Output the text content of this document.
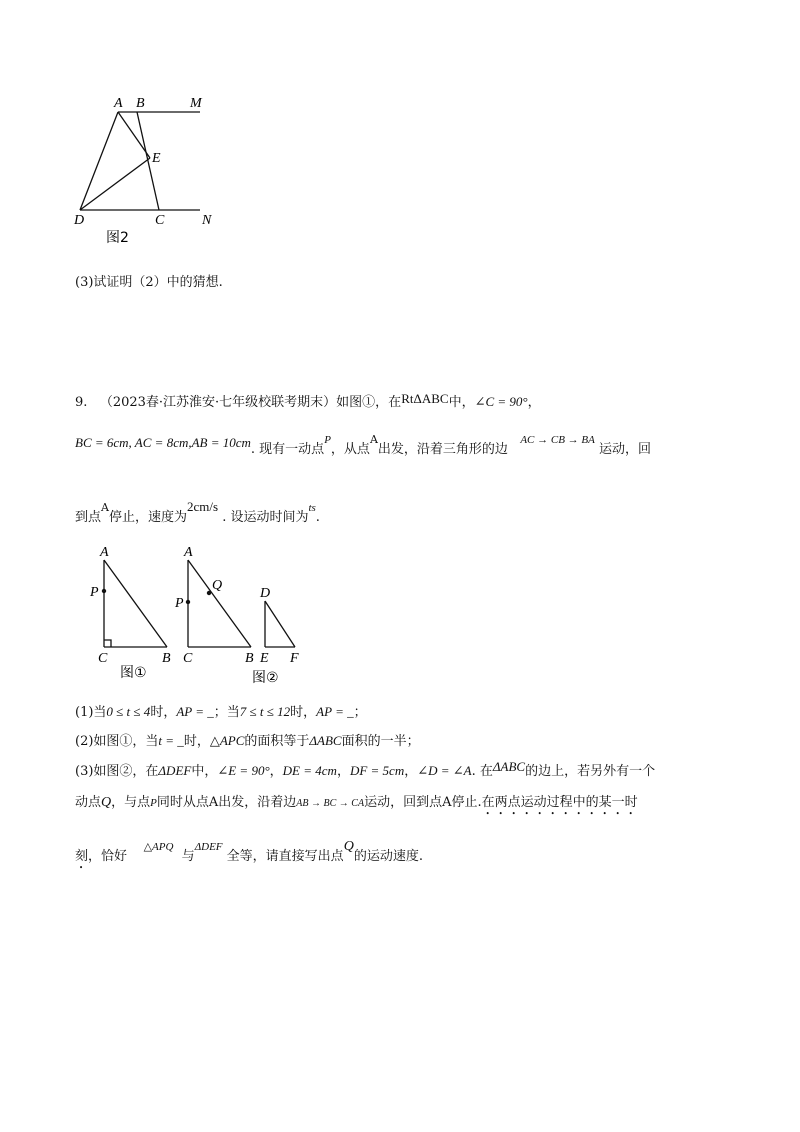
A B	M
E
D	C	N
图2
(3)试证明（2）中的猜想.
9. （2023春·江苏淮安·七年级校联考期末）如图①，在RtΔABC中，∠C = 90°，
BC = 6cm, AC = 8cm,AB = 10cm. 现有一动点$^P$，从点$^A$出发，沿着三角形的边   $^{AC \to CB \to BA}$ 运动，回
到点$^A$停止，速度为2cm/s . 设运动时间为$^{ts}$.
A
P
C	B
图①
A
Q
P
C	B
图②
D
E F
(1)当0 ≤ t ≤ 4时，AP = _；当7 ≤ t ≤ 12时，AP = _；
(2)如图①，当t = _时，△APC的面积等于ΔABC面积的一半；
(3)如图②，在ΔDEF中，∠E = 90°，DE = 4cm，DF = 5cm，∠D = ∠A. 在ΔABC的边上，若另外有一个
动点Q，与点P同时从点A出发，沿着边AB → BC → CA运动，回到点A停止.在两点运动过程中的某一时
刻，恰好    $^{\triangle APQ}$  与$^{\Delta DEF}$ 全等，请直接写出点Q的运动速度.
